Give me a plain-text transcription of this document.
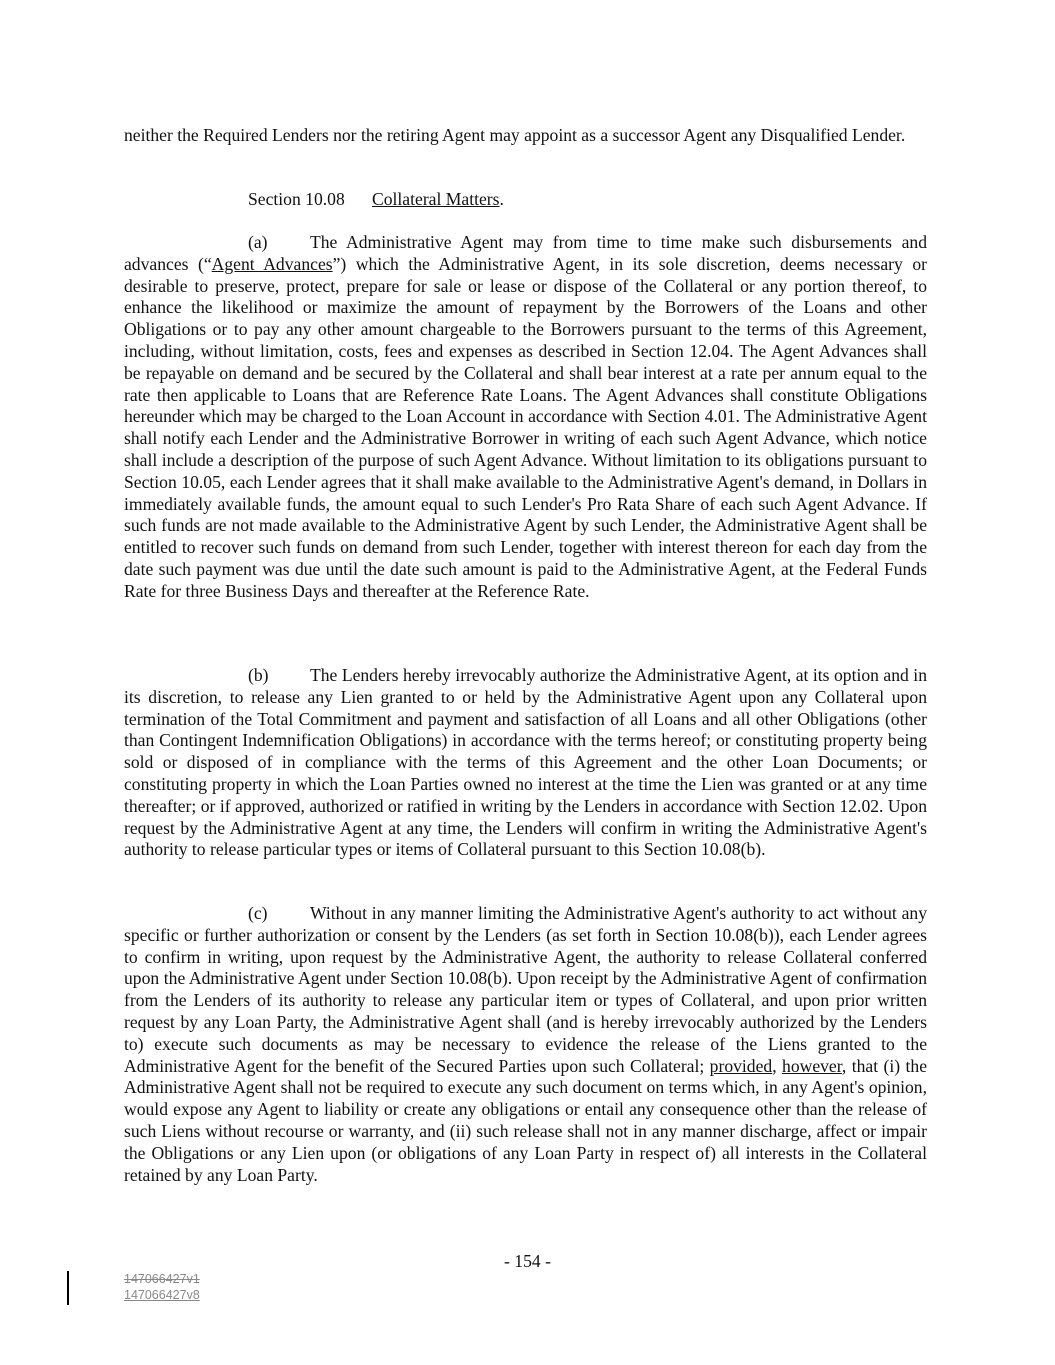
neither the Required Lenders nor the retiring Agent may appoint as a successor Agent any Disqualified Lender.

Section 10.08 Collateral Matters.

(a) The Administrative Agent may from time to time make such disbursements and advances (“Agent Advances”) which the Administrative Agent, in its sole discretion, deems necessary or desirable to preserve, protect, prepare for sale or lease or dispose of the Collateral or any portion thereof, to enhance the likelihood or maximize the amount of repayment by the Borrowers of the Loans and other Obligations or to pay any other amount chargeable to the Borrowers pursuant to the terms of this Agreement, including, without limitation, costs, fees and expenses as described in Section 12.04. The Agent Advances shall be repayable on demand and be secured by the Collateral and shall bear interest at a rate per annum equal to the rate then applicable to Loans that are Reference Rate Loans. The Agent Advances shall constitute Obligations hereunder which may be charged to the Loan Account in accordance with Section 4.01. The Administrative Agent shall notify each Lender and the Administrative Borrower in writing of each such Agent Advance, which notice shall include a description of the purpose of such Agent Advance. Without limitation to its obligations pursuant to Section 10.05, each Lender agrees that it shall make available to the Administrative Agent's demand, in Dollars in immediately available funds, the amount equal to such Lender's Pro Rata Share of each such Agent Advance. If such funds are not made available to the Administrative Agent by such Lender, the Administrative Agent shall be entitled to recover such funds on demand from such Lender, together with interest thereon for each day from the date such payment was due until the date such amount is paid to the Administrative Agent, at the Federal Funds Rate for three Business Days and thereafter at the Reference Rate.

(b) The Lenders hereby irrevocably authorize the Administrative Agent, at its option and in its discretion, to release any Lien granted to or held by the Administrative Agent upon any Collateral upon termination of the Total Commitment and payment and satisfaction of all Loans and all other Obligations (other than Contingent Indemnification Obligations) in accordance with the terms hereof; or constituting property being sold or disposed of in compliance with the terms of this Agreement and the other Loan Documents; or constituting property in which the Loan Parties owned no interest at the time the Lien was granted or at any time thereafter; or if approved, authorized or ratified in writing by the Lenders in accordance with Section 12.02. Upon request by the Administrative Agent at any time, the Lenders will confirm in writing the Administrative Agent's authority to release particular types or items of Collateral pursuant to this Section 10.08(b).

(c) Without in any manner limiting the Administrative Agent's authority to act without any specific or further authorization or consent by the Lenders (as set forth in Section 10.08(b)), each Lender agrees to confirm in writing, upon request by the Administrative Agent, the authority to release Collateral conferred upon the Administrative Agent under Section 10.08(b). Upon receipt by the Administrative Agent of confirmation from the Lenders of its authority to release any particular item or types of Collateral, and upon prior written request by any Loan Party, the Administrative Agent shall (and is hereby irrevocably authorized by the Lenders to) execute such documents as may be necessary to evidence the release of the Liens granted to the Administrative Agent for the benefit of the Secured Parties upon such Collateral; provided, however, that (i) the Administrative Agent shall not be required to execute any such document on terms which, in any Agent's opinion, would expose any Agent to liability or create any obligations or entail any consequence other than the release of such Liens without recourse or warranty, and (ii) such release shall not in any manner discharge, affect or impair the Obligations or any Lien upon (or obligations of any Loan Party in respect of) all interests in the Collateral retained by any Loan Party.

- 154 -
147066427v1
147066427v8
